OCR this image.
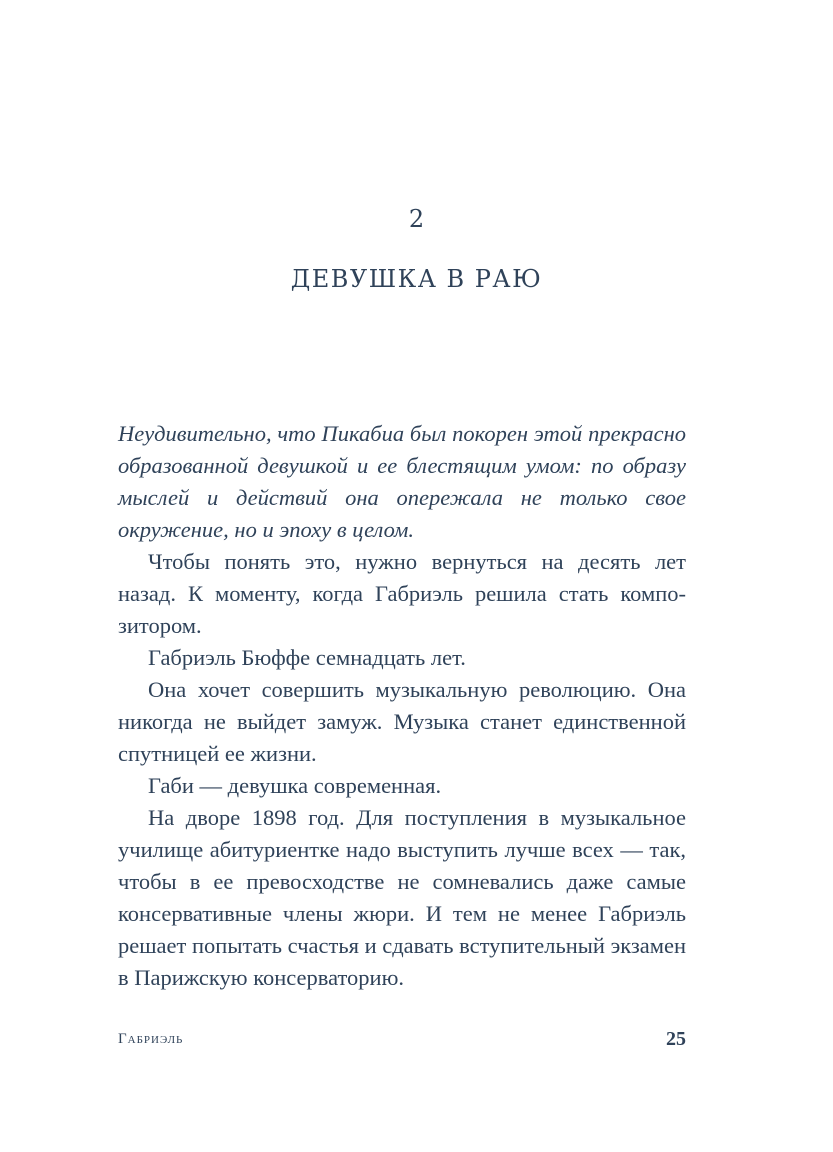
2
ДЕВУШКА В РАЮ

Неудивительно, что Пикабиа был покорен этой прекрасно образованной девушкой и ее блестящим умом: по образу мыслей и действий она опережала не только свое окружение, но и эпоху в целом.

Чтобы понять это, нужно вернуться на десять лет назад. К моменту, когда Габриэль решила стать композитором.

Габриэль Бюффе семнадцать лет.

Она хочет совершить музыкальную революцию. Она никогда не выйдет замуж. Музыка станет единственной спутницей ее жизни.

Габи — девушка современная.

На дворе 1898 год. Для поступления в музыкальное училище абитуриентке надо выступить лучше всех — так, чтобы в ее превосходстве не сомневались даже самые консервативные члены жюри. И тем не менее Габриэль решает попытать счастья и сдавать вступительный экзамен в Парижскую консерваторию.

Габриэль	25
